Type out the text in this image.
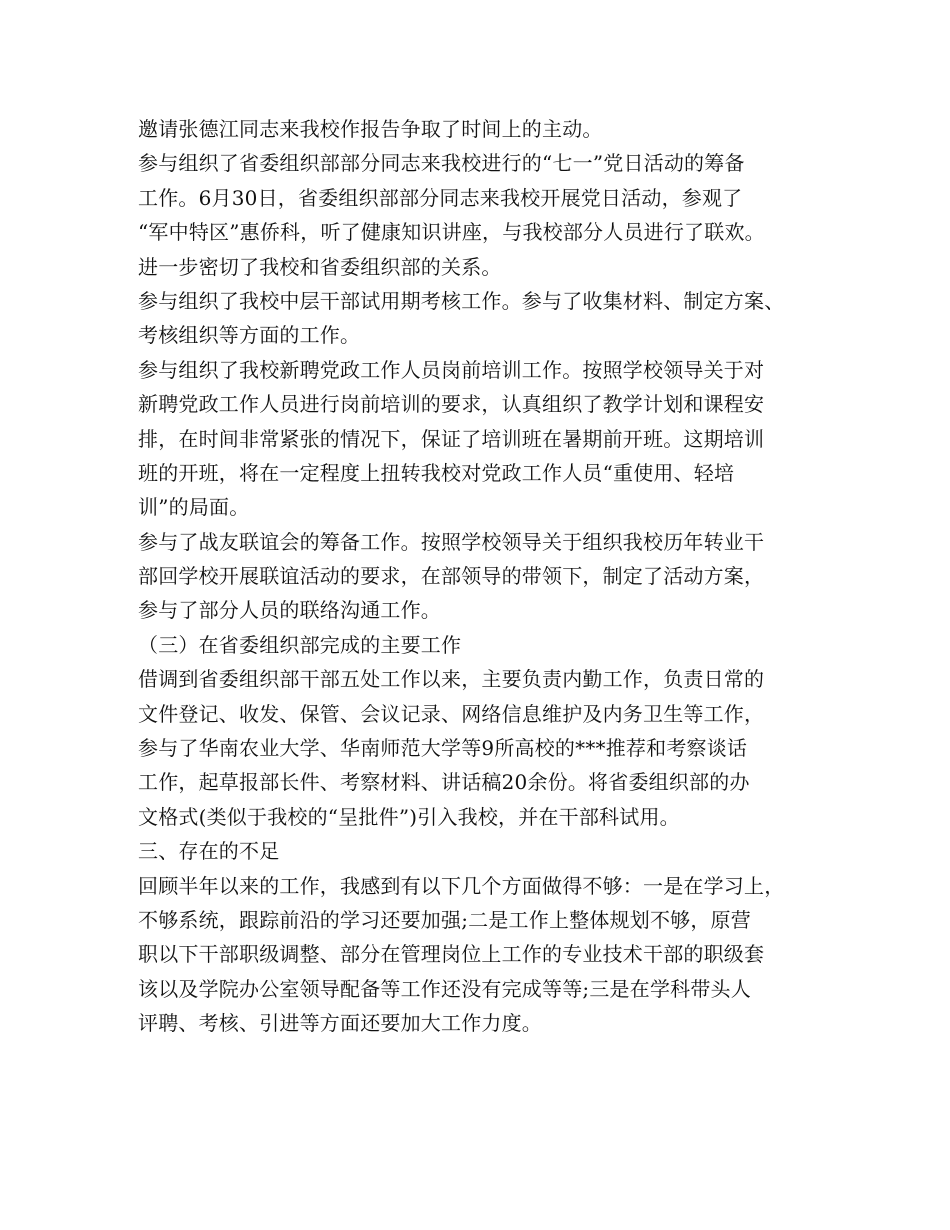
邀请张德江同志来我校作报告争取了时间上的主动。
参与组织了省委组织部部分同志来我校进行的“七一”党日活动的筹备
工作。6月30日，省委组织部部分同志来我校开展党日活动，参观了
“军中特区”惠侨科，听了健康知识讲座，与我校部分人员进行了联欢。
进一步密切了我校和省委组织部的关系。
参与组织了我校中层干部试用期考核工作。参与了收集材料、制定方案、
考核组织等方面的工作。
参与组织了我校新聘党政工作人员岗前培训工作。按照学校领导关于对
新聘党政工作人员进行岗前培训的要求，认真组织了教学计划和课程安
排，在时间非常紧张的情况下，保证了培训班在暑期前开班。这期培训
班的开班，将在一定程度上扭转我校对党政工作人员“重使用、轻培
训”的局面。
参与了战友联谊会的筹备工作。按照学校领导关于组织我校历年转业干
部回学校开展联谊活动的要求，在部领导的带领下，制定了活动方案，
参与了部分人员的联络沟通工作。
（三）在省委组织部完成的主要工作
借调到省委组织部干部五处工作以来，主要负责内勤工作，负责日常的
文件登记、收发、保管、会议记录、网络信息维护及内务卫生等工作，
参与了华南农业大学、华南师范大学等9所高校的***推荐和考察谈话
工作，起草报部长件、考察材料、讲话稿20余份。将省委组织部的办
文格式(类似于我校的“呈批件”)引入我校，并在干部科试用。
三、存在的不足
回顾半年以来的工作，我感到有以下几个方面做得不够：一是在学习上，
不够系统，跟踪前沿的学习还要加强;二是工作上整体规划不够，原营
职以下干部职级调整、部分在管理岗位上工作的专业技术干部的职级套
该以及学院办公室领导配备等工作还没有完成等等;三是在学科带头人
评聘、考核、引进等方面还要加大工作力度。
